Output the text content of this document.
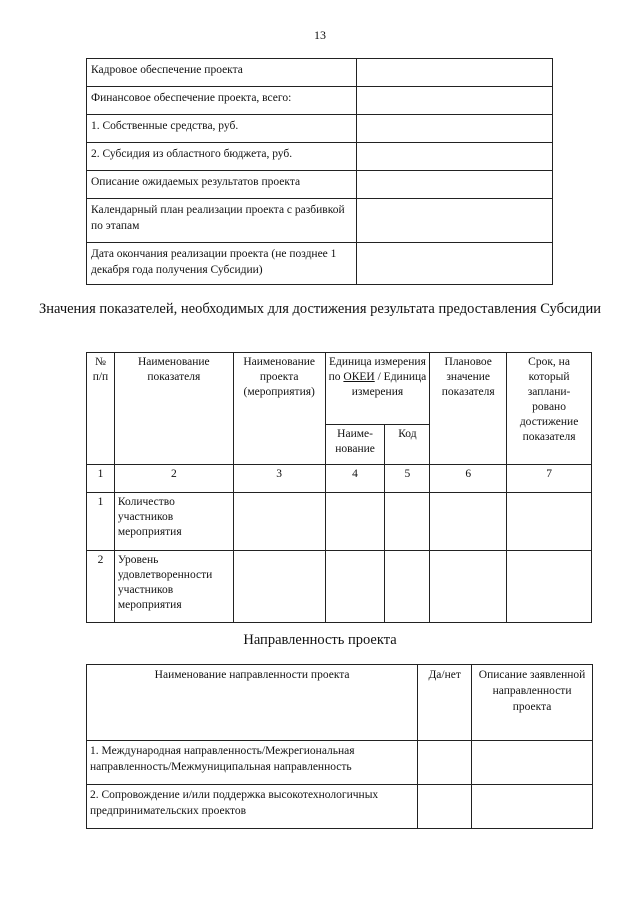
13
Кадровое обеспечение проекта	
Финансовое обеспечение проекта, всего:	
1. Собственные средства, руб.	
2. Субсидия из областного бюджета, руб.	
Описание ожидаемых результатов проекта	
Календарный план реализации проекта с разбивкой по этапам	
Дата окончания реализации проекта (не позднее 1 декабря года получения Субсидии)	
Значения показателей, необходимых для достижения результата предоставления Субсидии
№ п/п	Наименование показателя	Наименование проекта (мероприятия)	Единица измерения по ОКЕИ / Единица измерения		Плановое значение показателя	Срок, на который заплани- ровано достижение показателя
			Наиме- нование	Код		
1	2	3	4	5	6	7
1	Количество участников мероприятия					
2	Уровень удовлетворенности участников мероприятия					
Направленность проекта
Наименование направленности проекта	Да/нет	Описание заявленной направленности проекта
1. Международная направленность/Межрегиональная направленность/Межмуниципальная направленность		
2. Сопровождение и/или поддержка высокотехнологичных предпринимательских проектов		
